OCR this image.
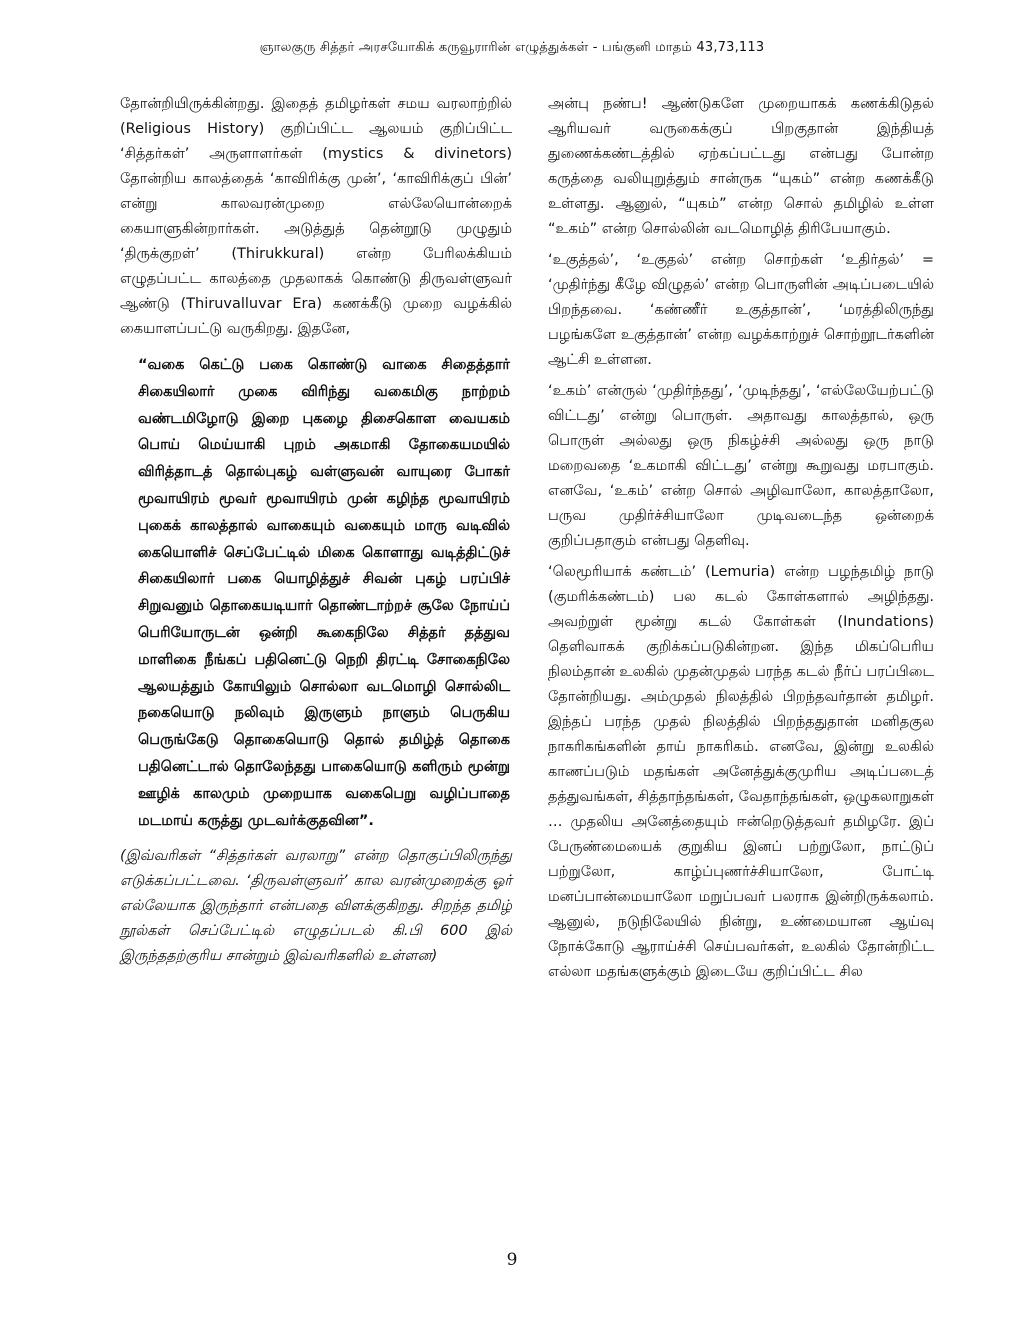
ஞாலகுரு சித்தர் அரசயோகிக் கருவூராரின் எழுத்துக்கள் - பங்குனி மாதம் 43,73,113

தோன்றியிருக்கின்றது. இதைத் தமிழர்கள் சமய வரலாற்றில் (Religious History) குறிப்பிட்ட ஆலயம் குறிப்பிட்ட ‘சித்தர்கள்’ அருளாளர்கள் (mystics & divinetors) தோன்றிய காலத்தைக் ‘காவிரிக்கு முன்’, ‘காவிரிக்குப் பின்’ என்று காலவரன்முறை எல்லேயொன்றைக் கையாளுகின்றார்கள். அடுத்துத் தென்றூடு முழுதும் ‘திருக்குறள்’ (Thirukkural) என்ற பேரிலக்கியம் எழுதப்பட்ட காலத்தை முதலாகக் கொண்டு திருவள்ளுவர் ஆண்டு (Thiruvalluvar Era) கணக்கீடு முறை வழக்கில் கையாளப்பட்டு வருகிறது. இதனே,

“வகை கெட்டு பகை கொண்டு வாகை சிதைத்தார் சிகையிலார் முகை விரிந்து வகைமிகு நாற்றம் வண்டமிழோடு இறை புகழை திசைகொள வையகம் பொய் மெய்யாகி புறம் அகமாகி தோகையமயில் விரித்தாடத் தொல்புகழ் வள்ளுவன் வாயுரை போகர் மூவாயிரம் மூவர் மூவாயிரம் முன் கழிந்த மூவாயிரம் புகைக் காலத்தால் வாகையும் வகையும் மாரு வடிவில் கையொளிச் செப்பேட்டில் மிகை கொளாது வடித்திட்டுச் சிகையிலார் பகை யொழித்துச் சிவன் புகழ் பரப்பிச் சிறுவனும் தொகையடியார் தொண்டாற்றச் சூலே நோய்ப் பெரியோருடன் ஒன்றி கூகைநிலே சித்தர் தத்துவ மாளிகை நீங்கப் பதினெட்டு நெறி திரட்டி சோகைநிலே ஆலயத்தும் கோயிலும் சொல்லா வடமொழி சொல்லிட நகையொடு நலிவும் இருளும் நாளும் பெருகிய பெருங்கேடு தொகையொடு தொல் தமிழ்த் தொகை பதினெட்டால் தொலேந்தது பாகையொடு களிரும் மூன்று ஊழிக் காலமும் முறையாக வகைபெறு வழிப்பாதை மடமாய் கருத்து முடவர்க்குதவின”.

(இவ்வரிகள் “சித்தர்கள் வரலாறு” என்ற தொகுப்பிலிருந்து எடுக்கப்பட்டவை. ‘திருவள்ளுவர்’ கால வரன்முறைக்கு ஓர் எல்லேயாக இருந்தார் என்பதை விளக்குகிறது. சிறந்த தமிழ் நூல்கள் செப்பேட்டில் எழுதப்படல் கி.பி 600 இல் இருந்ததற்குரிய சான்றும் இவ்வரிகளில் உள்ளன)

அன்பு நண்ப! ஆண்டுகளே முறையாகக் கணக்கிடுதல் ஆரியவர் வருகைக்குப் பிறகுதான் இந்தியத் துணைக்கண்டத்தில் ஏற்கப்பட்டது என்பது போன்ற கருத்தை வலியுறுத்தும் சான்ருக “யுகம்” என்ற கணக்கீடு உள்ளது. ஆனுல், “யுகம்” என்ற சொல் தமிழில் உள்ள “உகம்” என்ற சொல்லின் வடமொழித் திரிபேயாகும்.

‘உகுத்தல்’, ‘உகுதல்’ என்ற சொற்கள் ‘உதிர்தல்’ = ‘முதிர்ந்து கீழே விழுதல்’ என்ற பொருளின் அடிப்படையில் பிறந்தவை. ‘கண்ணீர் உகுத்தான்’, ‘மரத்திலிருந்து பழங்களே உகுத்தான்’ என்ற வழக்காற்றுச் சொற்றூடர்களின் ஆட்சி உள்ளன.

‘உகம்’ என்ருல் ‘முதிர்ந்தது’, ‘முடிந்தது’, ‘எல்லேயேற்பட்டு விட்டது’ என்று பொருள். அதாவது காலத்தால், ஒரு பொருள் அல்லது ஒரு நிகழ்ச்சி அல்லது ஒரு நாடு மறைவதை ‘உகமாகி விட்டது’ என்று கூறுவது மரபாகும். எனவே, ‘உகம்’ என்ற சொல் அழிவாலோ, காலத்தாலோ, பருவ முதிர்ச்சியாலோ முடிவடைந்த ஒன்றைக் குறிப்பதாகும் என்பது தெளிவு.

‘லெமூரியாக் கண்டம்’ (Lemuria) என்ற பழந்தமிழ் நாடு (குமரிக்கண்டம்) பல கடல் கோள்களால் அழிந்தது. அவற்றுள் மூன்று கடல் கோள்கள் (Inundations) தெளிவாகக் குறிக்கப்படுகின்றன. இந்த மிகப்பெரிய நிலம்தான் உலகில் முதன்முதல் பரந்த கடல் நீர்ப் பரப்பிடை தோன்றியது. அம்முதல் நிலத்தில் பிறந்தவர்தான் தமிழர். இந்தப் பரந்த முதல் நிலத்தில் பிறந்ததுதான் மனிதகுல நாகரிகங்களின் தாய் நாகரிகம். எனவே, இன்று உலகில் காணப்படும் மதங்கள் அனேத்துக்குமுரிய அடிப்படைத் தத்துவங்கள், சித்தாந்தங்கள், வேதாந்தங்கள், ஒழுகலாறுகள் … முதலிய அனேத்தையும் ஈன்றெடுத்தவர் தமிழரே. இப் பேருண்மையைக் குறுகிய இனப் பற்றுலோ, நாட்டுப் பற்றுலோ, காழ்ப்புணர்ச்சியாலோ, போட்டி மனப்பான்மையாலோ மறுப்பவர் பலராக இன்றிருக்கலாம். ஆனுல், நடுநிலேயில் நின்று, உண்மையான ஆய்வு நோக்கோடு ஆராய்ச்சி செய்பவர்கள், உலகில் தோன்றிட்ட எல்லா மதங்களுக்கும் இடையே குறிப்பிட்ட சில

9
